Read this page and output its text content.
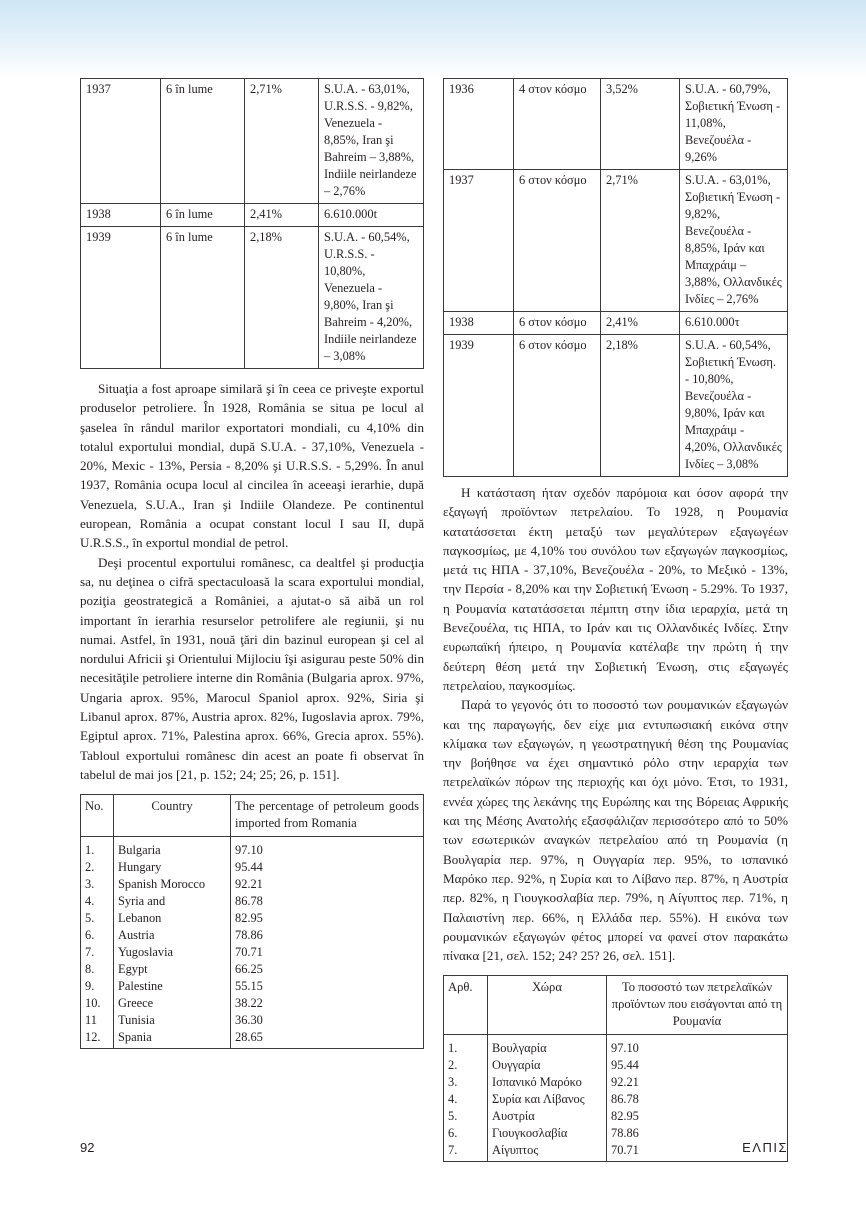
1937	6 în lume	2,71%	S.U.A. - 63,01%, U.R.S.S. - 9,82%, Venezuela - 8,85%, Iran şi Bahreim – 3,88%, Indiile neirlandeze – 2,76%
1938	6 în lume	2,41%	6.610.000t
1939	6 în lume	2,18%	S.U.A. - 60,54%, U.R.S.S. - 10,80%, Venezuela - 9,80%, Iran şi Bahreim - 4,20%, Indiile neirlandeze – 3,08%

Situaţia a fost aproape similară şi în ceea ce priveşte exportul produselor petroliere. În 1928, România se situa pe locul al şaselea în rândul marilor exportatori mondiali, cu 4,10% din totalul exportului mondial, după S.U.A. - 37,10%, Venezuela - 20%, Mexic - 13%, Persia - 8,20% şi U.R.S.S. - 5,29%. În anul 1937, România ocupa locul al cincilea în aceeaşi ierarhie, după Venezuela, S.U.A., Iran şi Indiile Olandeze. Pe continentul european, România a ocupat constant locul I sau II, după U.R.S.S., în exportul mondial de petrol.

Deşi procentul exportului românesc, ca dealtfel şi producţia sa, nu deţinea o cifră spectaculoasă la scara exportului mondial, poziţia geostrategică a României, a ajutat-o să aibă un rol important în ierarhia resurselor petrolifere ale regiunii, şi nu numai. Astfel, în 1931, nouă ţări din bazinul european şi cel al nordului Africii şi Orientului Mijlociu îşi asigurau peste 50% din necesităţile petroliere interne din România (Bulgaria aprox. 97%, Ungaria aprox. 95%, Marocul Spaniol aprox. 92%, Siria şi Libanul aprox. 87%, Austria aprox. 82%, Iugoslavia aprox. 79%, Egiptul aprox. 71%, Palestina aprox. 66%, Grecia aprox. 55%). Tabloul exportului românesc din acest an poate fi observat în tabelul de mai jos [21, p. 152; 24; 25; 26, p. 151].

No.	Country	The percentage of petroleum goods imported from Romania
1.	Bulgaria	97.10
2.	Hungary	95.44
3.	Spanish Morocco	92.21
4.	Syria and	86.78
5.	Lebanon	82.95
6.	Austria	78.86
7.	Yugoslavia	70.71
8.	Egypt	66.25
9.	Palestine	55.15
10.	Greece	38.22
11	Tunisia	36.30
12.	Spania	28.65
1936	4 στον κόσμο	3,52%	S.U.A. - 60,79%, Σοβιετική Ένωση - 11,08%, Βενεζουέλα - 9,26%
1937	6 στον κόσμο	2,71%	S.U.A. - 63,01%, Σοβιετική Ένωση - 9,82%, Βενεζουέλα - 8,85%, Ιράν και Μπαχράιμ – 3,88%, Ολλανδικές Ινδίες – 2,76%
1938	6 στον κόσμο	2,41%	6.610.000τ
1939	6 στον κόσμο	2,18%	S.U.A. - 60,54%, Σοβιετική Ένωση. - 10,80%, Βενεζουέλα - 9,80%, Ιράν και Μπαχράιμ - 4,20%, Ολλανδικές Ινδίες – 3,08%

Η κατάσταση ήταν σχεδόν παρόμοια και όσον αφορά την εξαγωγή προϊόντων πετρελαίου. Το 1928, η Ρουμανία κατατάσσεται έκτη μεταξύ των μεγαλύτερων εξαγωγέων παγκοσμίως, με 4,10% του συνόλου των εξαγωγών παγκοσμίως, μετά τις ΗΠΑ - 37,10%, Βενεζουέλα - 20%, το Μεξικό - 13%, την Περσία - 8,20% και την Σοβιετική Ένωση - 5.29%. Το 1937, η Ρουμανία κατατάσσεται πέμπτη στην ίδια ιεραρχία, μετά τη Βενεζουέλα, τις ΗΠΑ, το Ιράν και τις Ολλανδικές Ινδίες. Στην ευρωπαϊκή ήπειρο, η Ρουμανία κατέλαβε την πρώτη ή την δεύτερη θέση μετά την Σοβιετική Ένωση, στις εξαγωγές πετρελαίου, παγκοσμίως.

Παρά το γεγονός ότι το ποσοστό των ρουμανικών εξαγωγών και της παραγωγής, δεν είχε μια εντυπωσιακή εικόνα στην κλίμακα των εξαγωγών, η γεωστρατηγική θέση της Ρουμανίας την βοήθησε να έχει σημαντικό ρόλο στην ιεραρχία των πετρελαϊκών πόρων της περιοχής και όχι μόνο. Έτσι, το 1931, εννέα χώρες της λεκάνης της Ευρώπης και της Βόρειας Αφρικής και της Μέσης Ανατολής εξασφάλιζαν περισσότερο από το 50% των εσωτερικών αναγκών πετρελαίου από τη Ρουμανία (η Βουλγαρία περ. 97%, η Ουγγαρία περ. 95%, το ισπανικό Μαρόκο περ. 92%, η Συρία και το Λίβανο περ. 87%, η Αυστρία περ. 82%, η Γιουγκοσλαβία περ. 79%, η Αίγυπτος περ. 71%, η Παλαιστίνη περ. 66%, η Ελλάδα περ. 55%). Η εικόνα των ρουμανικών εξαγωγών φέτος μπορεί να φανεί στον παρακάτω πίνακα [21, σελ. 152; 24? 25? 26, σελ. 151].

Αρθ.	Χώρα	Το ποσοστό των πετρελαϊκών προϊόντων που εισάγονται από τη Ρουμανία
1.	Βουλγαρία	97.10
2.	Ουγγαρία	95.44
3.	Ισπανικό Μαρόκο	92.21
4.	Συρία και Λίβανος	86.78
5.	Αυστρία	82.95
6.	Γιουγκοσλαβία	78.86
7.	Αίγυπτος	70.71
92	ΕΛΠΙΣ
